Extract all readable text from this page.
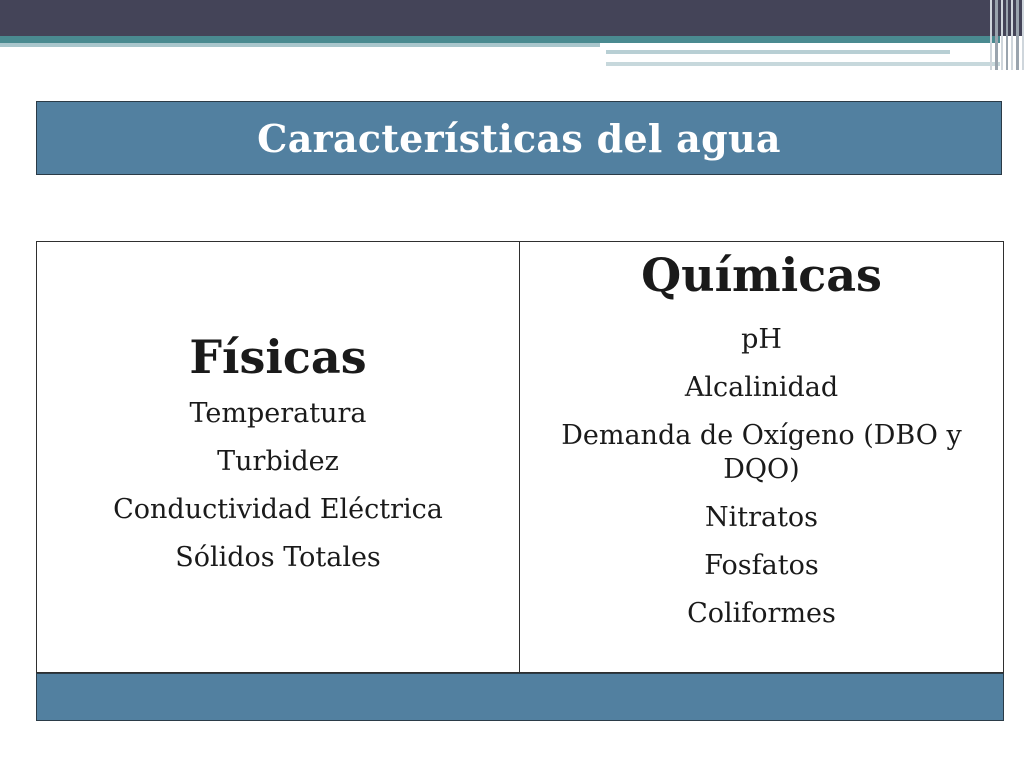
Características del agua
Físicas
Temperatura
Turbidez
Conductividad Eléctrica
Sólidos Totales
Químicas
pH
Alcalinidad
Demanda de Oxígeno (DBO y DQO)
Nitratos
Fosfatos
Coliformes
